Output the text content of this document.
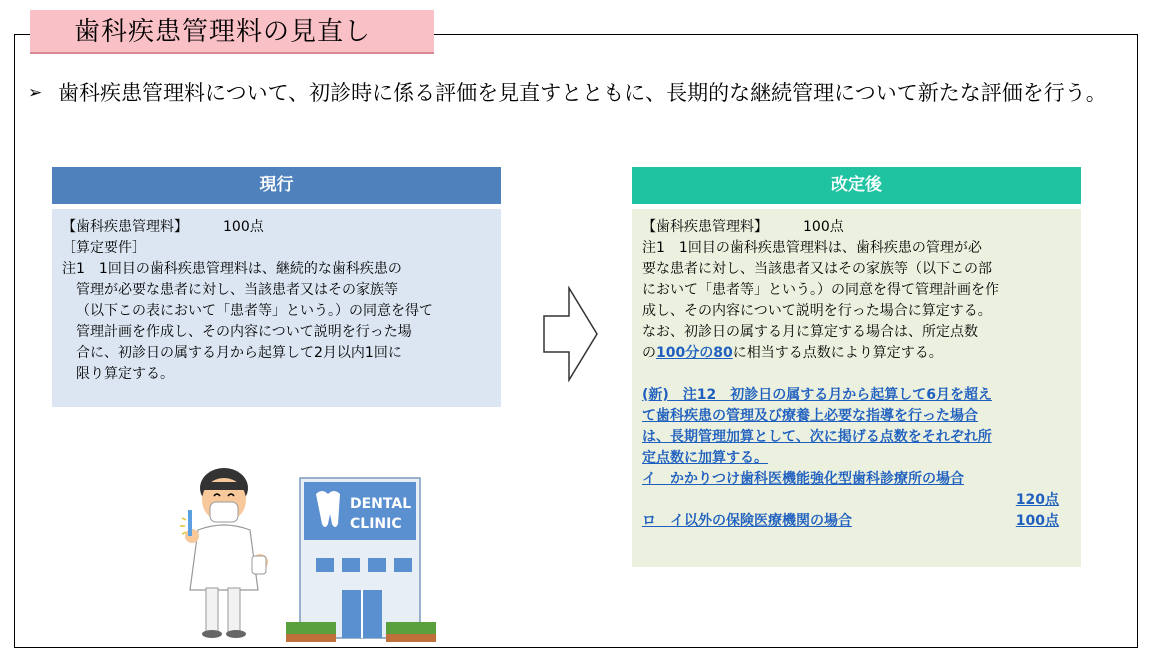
歯科疾患管理料の見直し
➢ 歯科疾患管理料について、初診時に係る評価を見直すとともに、長期的な継続管理について新たな評価を行う。
現行
【歯科疾患管理料】　　　100点
［算定要件］
注1　1回目の歯科疾患管理料は、継続的な歯科疾患の
管理が必要な患者に対し、当該患者又はその家族等
（以下この表において「患者等」という。）の同意を得て
管理計画を作成し、その内容について説明を行った場
合に、初診日の属する月から起算して2月以内1回に
限り算定する。
改定後
【歯科疾患管理料】　　　100点
注1　1回目の歯科疾患管理料は、歯科疾患の管理が必
要な患者に対し、当該患者又はその家族等（以下この部
において「患者等」という。）の同意を得て管理計画を作
成し、その内容について説明を行った場合に算定する。
なお、初診日の属する月に算定する場合は、所定点数
の100分の80に相当する点数により算定する。
(新)　注12　初診日の属する月から起算して6月を超え
て歯科疾患の管理及び療養上必要な指導を行った場合
は、長期管理加算として、次に掲げる点数をそれぞれ所
定点数に加算する。
イ　かかりつけ歯科医機能強化型歯科診療所の場合
120点
ロ　イ以外の保険医療機関の場合	100点
DENTAL
CLINIC
